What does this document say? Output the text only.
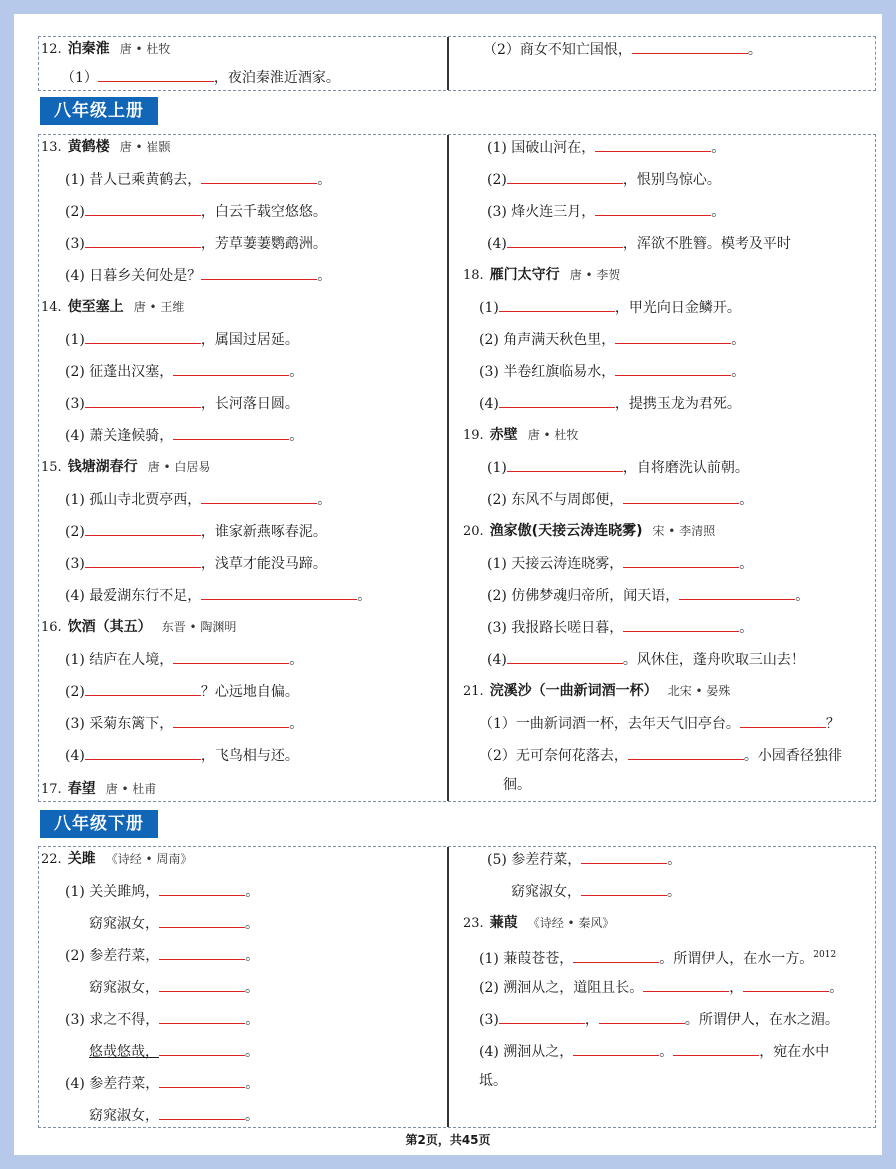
12. 泊秦淮 唐 • 杜牧
（1）	，夜泊秦淮近酒家。
（2）商女不知亡国恨，	。
八年级上册
13. 黄鹤楼 唐 • 崔颢
(1) 昔人已乘黄鹤去，	。
(2)	，白云千载空悠悠。
(3)	，芳草萋萋鹦鹉洲。
(4) 日暮乡关何处是？	。
14. 使至塞上 唐 • 王维
(1)	，属国过居延。
(2) 征蓬出汉塞，	。
(3)	，长河落日圆。
(4) 萧关逢候骑，	。
15. 钱塘湖春行 唐 • 白居易
(1) 孤山寺北贾亭西，	。
(2)	，谁家新燕啄春泥。
(3)	，浅草才能没马蹄。
(4) 最爱湖东行不足，	。
16. 饮酒（其五） 东晋 • 陶渊明
(1) 结庐在人境，	。
(2)	？心远地自偏。
(3) 采菊东篱下，	。
(4)	，飞鸟相与还。
17. 春望 唐 • 杜甫
(1) 国破山河在，	。
(2)	，恨别鸟惊心。
(3) 烽火连三月，	。
(4)	，浑欲不胜簪。模考及平时
18. 雁门太守行 唐 • 李贺
(1)	，甲光向日金鳞开。
(2) 角声满天秋色里，	。
(3) 半卷红旗临易水，	。
(4)	，提携玉龙为君死。
19. 赤壁 唐 • 杜牧
(1)	，自将磨洗认前朝。
(2) 东风不与周郎便，	。
20. 渔家傲(天接云涛连晓雾) 宋 • 李清照
(1) 天接云涛连晓雾，	。
(2) 仿佛梦魂归帝所，闻天语，	。
(3) 我报路长嗟日暮，	。
(4)	。风休住，蓬舟吹取三山去！
21. 浣溪沙（一曲新词酒一杯） 北宋 • 晏殊
（1）一曲新词酒一杯，去年天气旧亭台。	？
（2）无可奈何花落去，	。小园香径独徘
徊。
八年级下册
22. 关雎 《诗经 • 周南》
(1) 关关雎鸠，	。
窈窕淑女，	。
(2) 参差荇菜，	。
窈窕淑女，	。
(3) 求之不得，	。
悠哉悠哉，	。
(4) 参差荇菜，	。
窈窕淑女，	。
(5) 参差荇菜，	。
窈窕淑女，	。
23. 蒹葭 《诗经 • 秦风》
(1) 蒹葭苍苍，	。所谓伊人，在水一方。$^{2012}$
(2) 溯洄从之，道阻且长。	，	。
(3)	，	。所谓伊人，在水之湄。
(4) 溯洄从之，	。	，宛在水中
坻。
第2页，共45页
